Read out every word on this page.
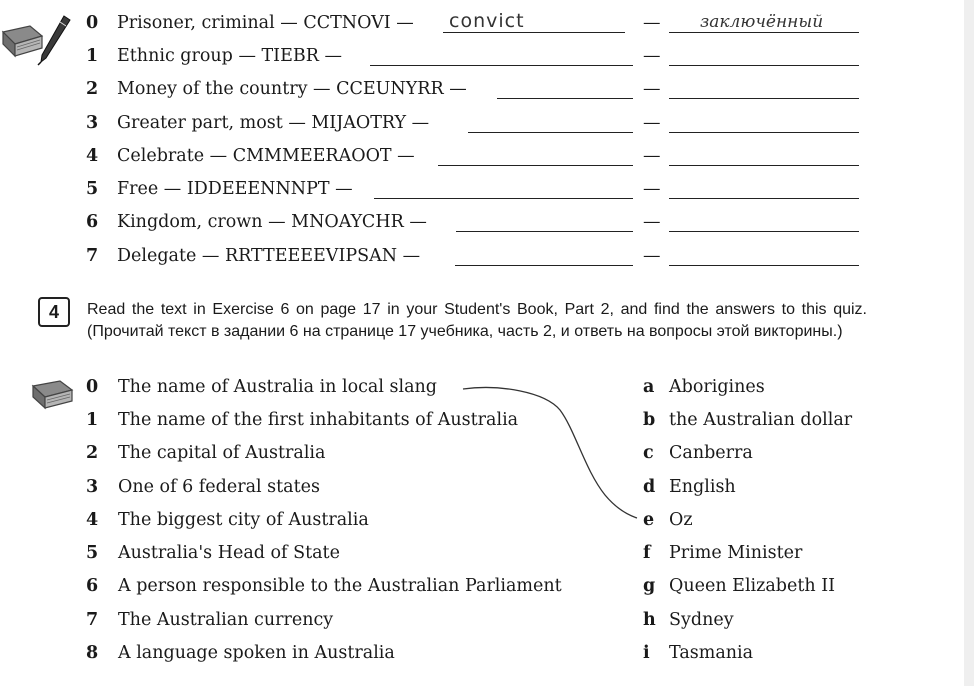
0 Prisoner, criminal — CCTNOVI — convict	— заключённый
1 Ethnic group — TIEBR —	—
2 Money of the country — CCEUNYRR —	—
3 Greater part, most — MIJAOTRY —	—
4 Celebrate — CMMMEERAOOT —	—
5 Free — IDDEEENNNPT —	—
6 Kingdom, crown — MNOAYCHR —	—
7 Delegate — RRTTEEEEVIPSAN —	—
4	Read the text in Exercise 6 on page 17 in your Student's Book, Part 2, and find the answers to this quiz.(Прочитай текст в задании 6 на странице 17 учебника, часть 2, и ответь на вопросы этой викторины.)
0 The name of Australia in local slang	a Aborigines
1 The name of the first inhabitants of Australia	b the Australian dollar
2 The capital of Australia	c Canberra
3 One of 6 federal states	d English
4 The biggest city of Australia	e Oz
5 Australia's Head of State	f Prime Minister
6 A person responsible to the Australian Parliament	g Queen Elizabeth II
7 The Australian currency	h Sydney
8 A language spoken in Australia	i Tasmania
